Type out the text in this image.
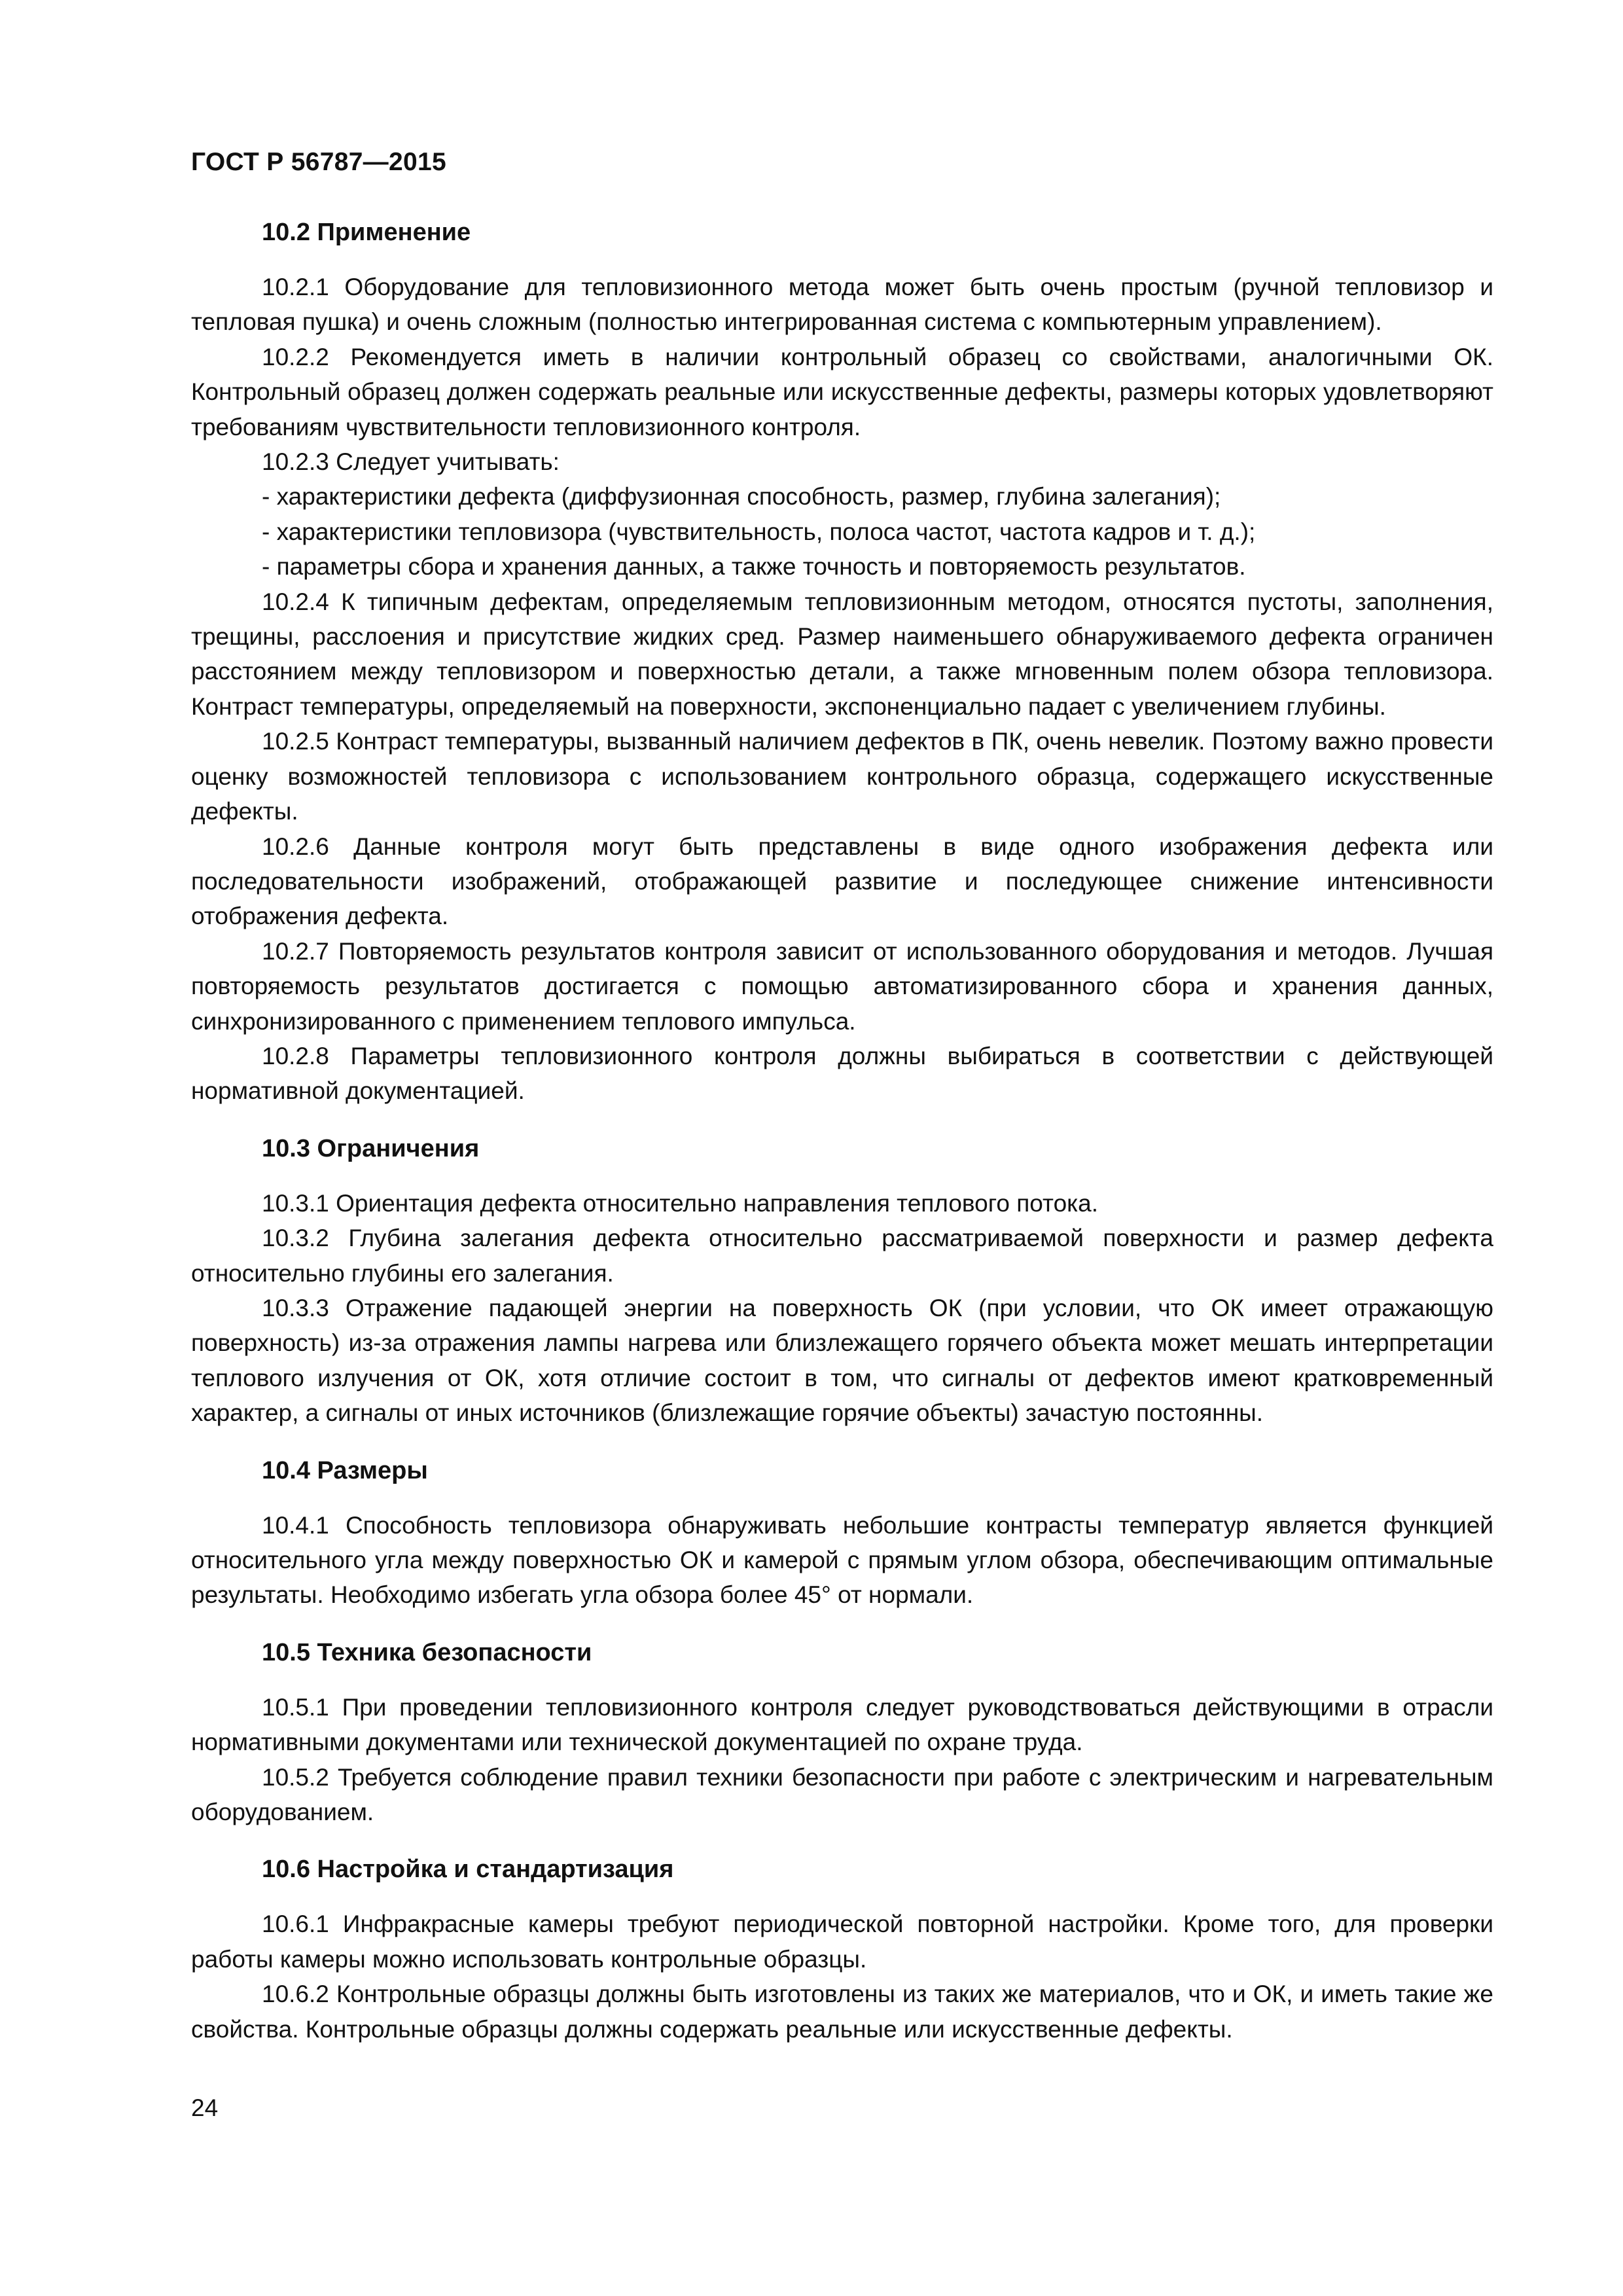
ГОСТ Р 56787—2015
10.2 Применение
10.2.1 Оборудование для тепловизионного метода может быть очень простым (ручной тепловизор и тепловая пушка) и очень сложным (полностью интегрированная система с компьютерным управлением).
10.2.2 Рекомендуется иметь в наличии контрольный образец со свойствами, аналогичными ОК. Контрольный образец должен содержать реальные или искусственные дефекты, размеры которых удовлетворяют требованиям чувствительности тепловизионного контроля.
10.2.3 Следует учитывать:
- характеристики дефекта (диффузионная способность, размер, глубина залегания);
- характеристики тепловизора (чувствительность, полоса частот, частота кадров и т. д.);
- параметры сбора и хранения данных, а также точность и повторяемость результатов.
10.2.4 К типичным дефектам, определяемым тепловизионным методом, относятся пустоты, заполнения, трещины, расслоения и присутствие жидких сред. Размер наименьшего обнаруживаемого дефекта ограничен расстоянием между тепловизором и поверхностью детали, а также мгновенным полем обзора тепловизора. Контраст температуры, определяемый на поверхности, экспоненциально падает с увеличением глубины.
10.2.5 Контраст температуры, вызванный наличием дефектов в ПК, очень невелик. Поэтому важно провести оценку возможностей тепловизора с использованием контрольного образца, содержащего искусственные дефекты.
10.2.6 Данные контроля могут быть представлены в виде одного изображения дефекта или последовательности изображений, отображающей развитие и последующее снижение интенсивности отображения дефекта.
10.2.7 Повторяемость результатов контроля зависит от использованного оборудования и методов. Лучшая повторяемость результатов достигается с помощью автоматизированного сбора и хранения данных, синхронизированного с применением теплового импульса.
10.2.8 Параметры тепловизионного контроля должны выбираться в соответствии с действующей нормативной документацией.
10.3 Ограничения
10.3.1 Ориентация дефекта относительно направления теплового потока.
10.3.2 Глубина залегания дефекта относительно рассматриваемой поверхности и размер дефекта относительно глубины его залегания.
10.3.3 Отражение падающей энергии на поверхность ОК (при условии, что ОК имеет отражающую поверхность) из-за отражения лампы нагрева или близлежащего горячего объекта может мешать интерпретации теплового излучения от ОК, хотя отличие состоит в том, что сигналы от дефектов имеют кратковременный характер, а сигналы от иных источников (близлежащие горячие объекты) зачастую постоянны.
10.4 Размеры
10.4.1 Способность тепловизора обнаруживать небольшие контрасты температур является функцией относительного угла между поверхностью ОК и камерой с прямым углом обзора, обеспечивающим оптимальные результаты. Необходимо избегать угла обзора более 45° от нормали.
10.5 Техника безопасности
10.5.1 При проведении тепловизионного контроля следует руководствоваться действующими в отрасли нормативными документами или технической документацией по охране труда.
10.5.2 Требуется соблюдение правил техники безопасности при работе с электрическим и нагревательным оборудованием.
10.6 Настройка и стандартизация
10.6.1 Инфракрасные камеры требуют периодической повторной настройки. Кроме того, для проверки работы камеры можно использовать контрольные образцы.
10.6.2 Контрольные образцы должны быть изготовлены из таких же материалов, что и ОК, и иметь такие же свойства. Контрольные образцы должны содержать реальные или искусственные дефекты.
24
